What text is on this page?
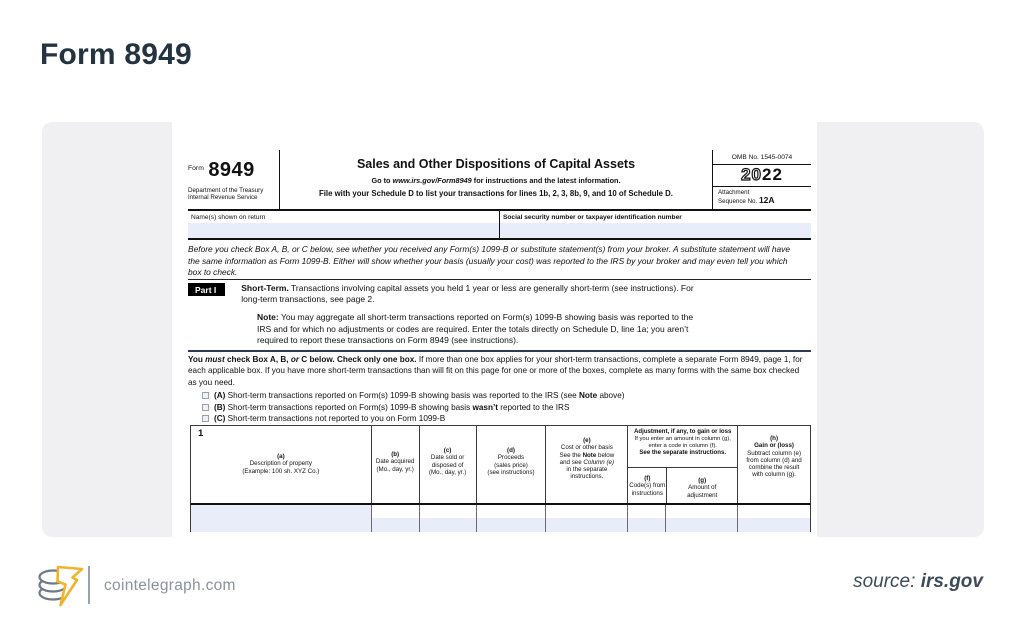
Form 8949
$^{Form}$ 8949
Department of the Treasury
Internal Revenue Service
Sales and Other Dispositions of Capital Assets
Go to www.irs.gov/Form8949 for instructions and the latest information.
File with your Schedule D to list your transactions for lines 1b, 2, 3, 8b, 9, and 10 of Schedule D.
OMB No. 1545-0074
2022
Attachment
Sequence No. 12A
Name(s) shown on return	Social security number or taxpayer identification number

Before you check Box A, B, or C below, see whether you received any Form(s) 1099-B or substitute statement(s) from your broker. A substitute statement will have the same information as Form 1099-B. Either will show whether your basis (usually your cost) was reported to the IRS by your broker and may even tell you which box to check.

Part I	Short-Term. Transactions involving capital assets you held 1 year or less are generally short-term (see instructions). For long-term transactions, see page 2.

Note: You may aggregate all short-term transactions reported on Form(s) 1099-B showing basis was reported to the IRS and for which no adjustments or codes are required. Enter the totals directly on Schedule D, line 1a; you aren’t required to report these transactions on Form 8949 (see instructions).

You must check Box A, B, or C below. Check only one box. If more than one box applies for your short-term transactions, complete a separate Form 8949, page 1, for each applicable box. If you have more short-term transactions than will fit on this page for one or more of the boxes, complete as many forms with the same box checked as you need.

(A) Short-term transactions reported on Form(s) 1099-B showing basis was reported to the IRS (see Note above)
(B) Short-term transactions reported on Form(s) 1099-B showing basis wasn’t reported to the IRS
(C) Short-term transactions not reported to you on Form 1099-B
1
(a)
Description of property
(Example: 100 sh. XYZ Co.)
(b)
Date acquired
(Mo., day, yr.)
(c)
Date sold or
disposed of
(Mo., day, yr.)
(d)
Proceeds
(sales price)
(see instructions)
(e)
Cost or other basis
See the Note below
and see Column (e)
in the separate
instructions.
Adjustment, if any, to gain or loss
If you enter an amount in column (g),
enter a code in column (f).
See the separate instructions.
(f)
Code(s) from
instructions
(g)
Amount of
adjustment
(h)
Gain or (loss)
Subtract column (e)
from column (d) and
combine the result
with column (g).
cointelegraph.com	source: irs.gov
